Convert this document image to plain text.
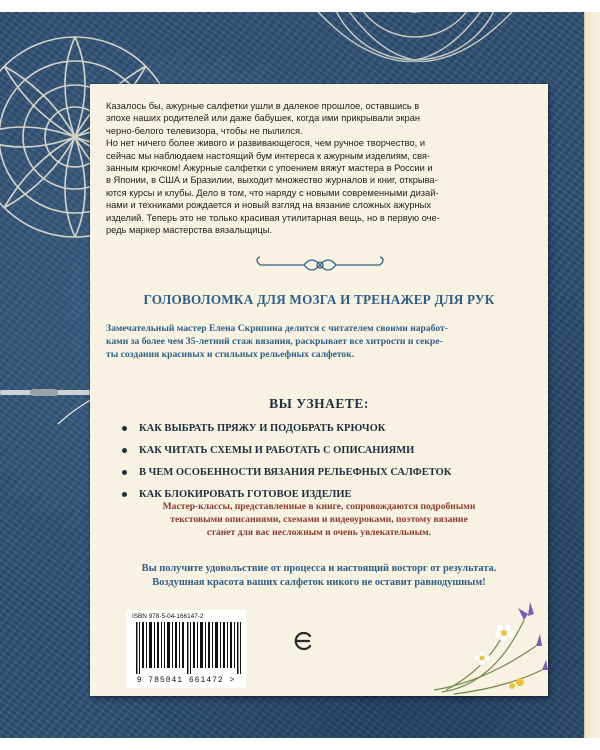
Казалось бы, ажурные салфетки ушли в далекое прошлое, оставшись в
эпохе наших родителей или даже бабушек, когда ими прикрывали экран
черно-белого телевизора, чтобы не пылился.

Но нет ничего более живого и развивающегося, чем ручное творчество, и
сейчас мы наблюдаем настоящий бум интереса к ажурным изделиям, свя-
занным крючком! Ажурные салфетки с упоением вяжут мастера в России и
в Японии, в США и Бразилии, выходит множество журналов и книг, открыва-
ются курсы и клубы. Дело в том, что наряду с новыми современными дизай-
нами и техниками рождается и новый взгляд на вязание сложных ажурных
изделий. Теперь это не только красивая утилитарная вещь, но в первую оче-
редь маркер мастерства вязальщицы.

ГОЛОВОЛОМКА ДЛЯ МОЗГА И ТРЕНАЖЕР ДЛЯ РУК
Замечательный мастер Елена Скрипина делится с читателем своими наработ-
ками за более чем 35-летний стаж вязания, раскрывает все хитрости и секре-
ты создания красивых и стильных рельефных салфеток.
ВЫ УЗНАЕТЕ:
КАК ВЫБРАТЬ ПРЯЖУ И ПОДОБРАТЬ КРЮЧОК
КАК ЧИТАТЬ СХЕМЫ И РАБОТАТЬ С ОПИСАНИЯМИ
В ЧЕМ ОСОБЕННОСТИ ВЯЗАНИЯ РЕЛЬЕФНЫХ САЛФЕТОК
КАК БЛОКИРОВАТЬ ГОТОВОЕ ИЗДЕЛИЕ
Мастер-классы, представленные в книге, сопровождаются подробными
текстовыми описаниями, схемами и видеоуроками, поэтому вязание
станет для вас несложным и очень увлекательным.
Вы получите удовольствие от процесса и настоящий восторг от результата.
Воздушная красота ваших салфеток никого не оставит равнодушным!
ISBN 978-5-04-166147-2
9 785041 661472 >
